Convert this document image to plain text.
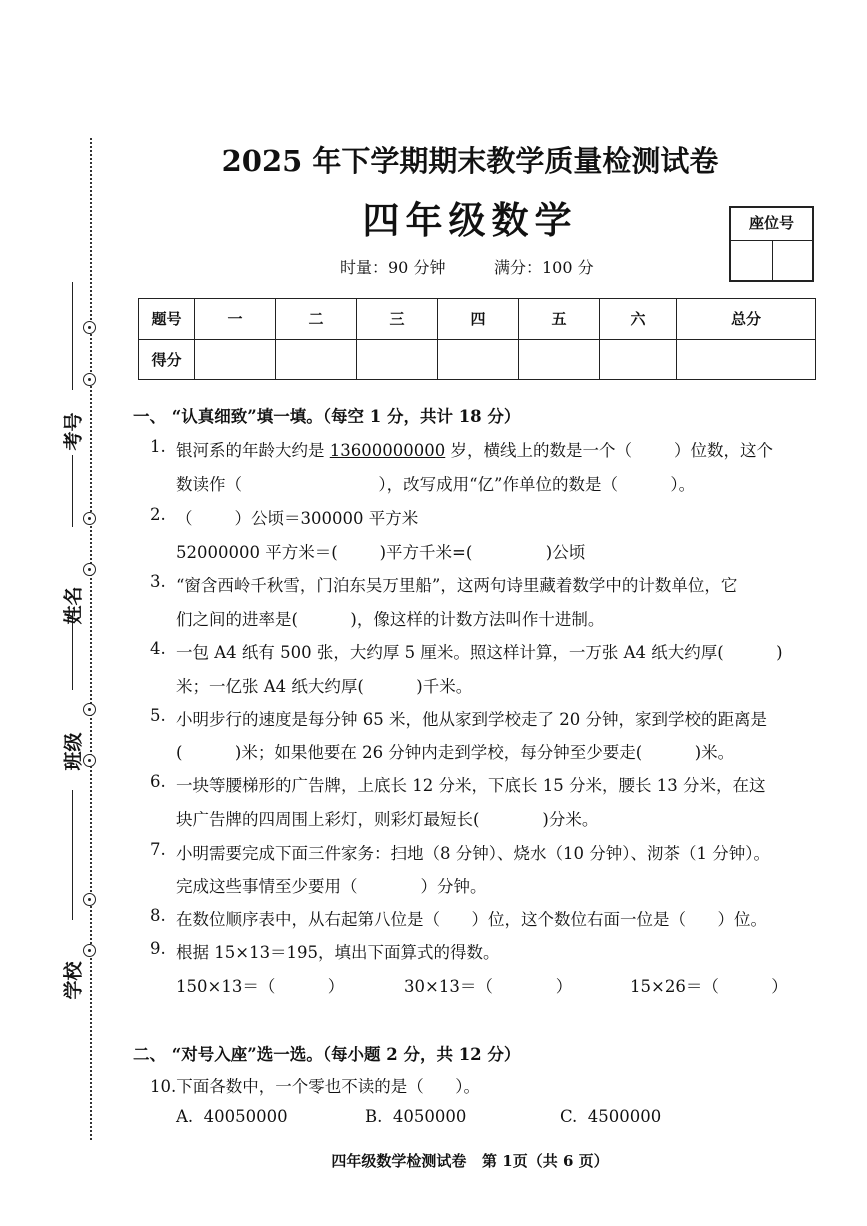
考号
姓名
班级
学校
2025 年下学期期末教学质量检测试卷
四年级数学
时量：90 分钟	满分：100 分
座位号
题号	一	二	三	四	五	六	总分
得分							
一、 “认真细致”填一填。（每空 1 分，共计 18 分）
1. 银河系的年龄大约是 13600000000 岁，横线上的数是一个（        ）位数，这个
数读作（                          ），改写成用“亿”作单位的数是（          ）。
2. （        ）公顷＝300000 平方米
52000000 平方米＝(        )平方千米=(              )公顷
3. “窗含西岭千秋雪，门泊东吴万里船”，这两句诗里藏着数学中的计数单位，它
们之间的进率是(          )，像这样的计数方法叫作十进制。
4. 一包 A4 纸有 500 张，大约厚 5 厘米。照这样计算，一万张 A4 纸大约厚(          )
米；一亿张 A4 纸大约厚(          )千米。
5. 小明步行的速度是每分钟 65 米，他从家到学校走了 20 分钟，家到学校的距离是
(          )米；如果他要在 26 分钟内走到学校，每分钟至少要走(          )米。
6. 一块等腰梯形的广告牌，上底长 12 分米，下底长 15 分米，腰长 13 分米，在这
块广告牌的四周围上彩灯，则彩灯最短长(            )分米。
7. 小明需要完成下面三件家务：扫地（8 分钟）、烧水（10 分钟）、沏茶（1 分钟）。
完成这些事情至少要用（            ）分钟。
8. 在数位顺序表中，从右起第八位是（      ）位，这个数位右面一位是（      ）位。
9. 根据 15×13＝195，填出下面算式的得数。
150×13＝（          ）	30×13＝（            ）	15×26＝（          ）
二、 “对号入座”选一选。（每小题 2 分，共 12 分）
10.下面各数中，一个零也不读的是（      ）。
A.  40050000	B.  4050000	C.  4500000
四年级数学检测试卷   第 1页（共 6 页）
